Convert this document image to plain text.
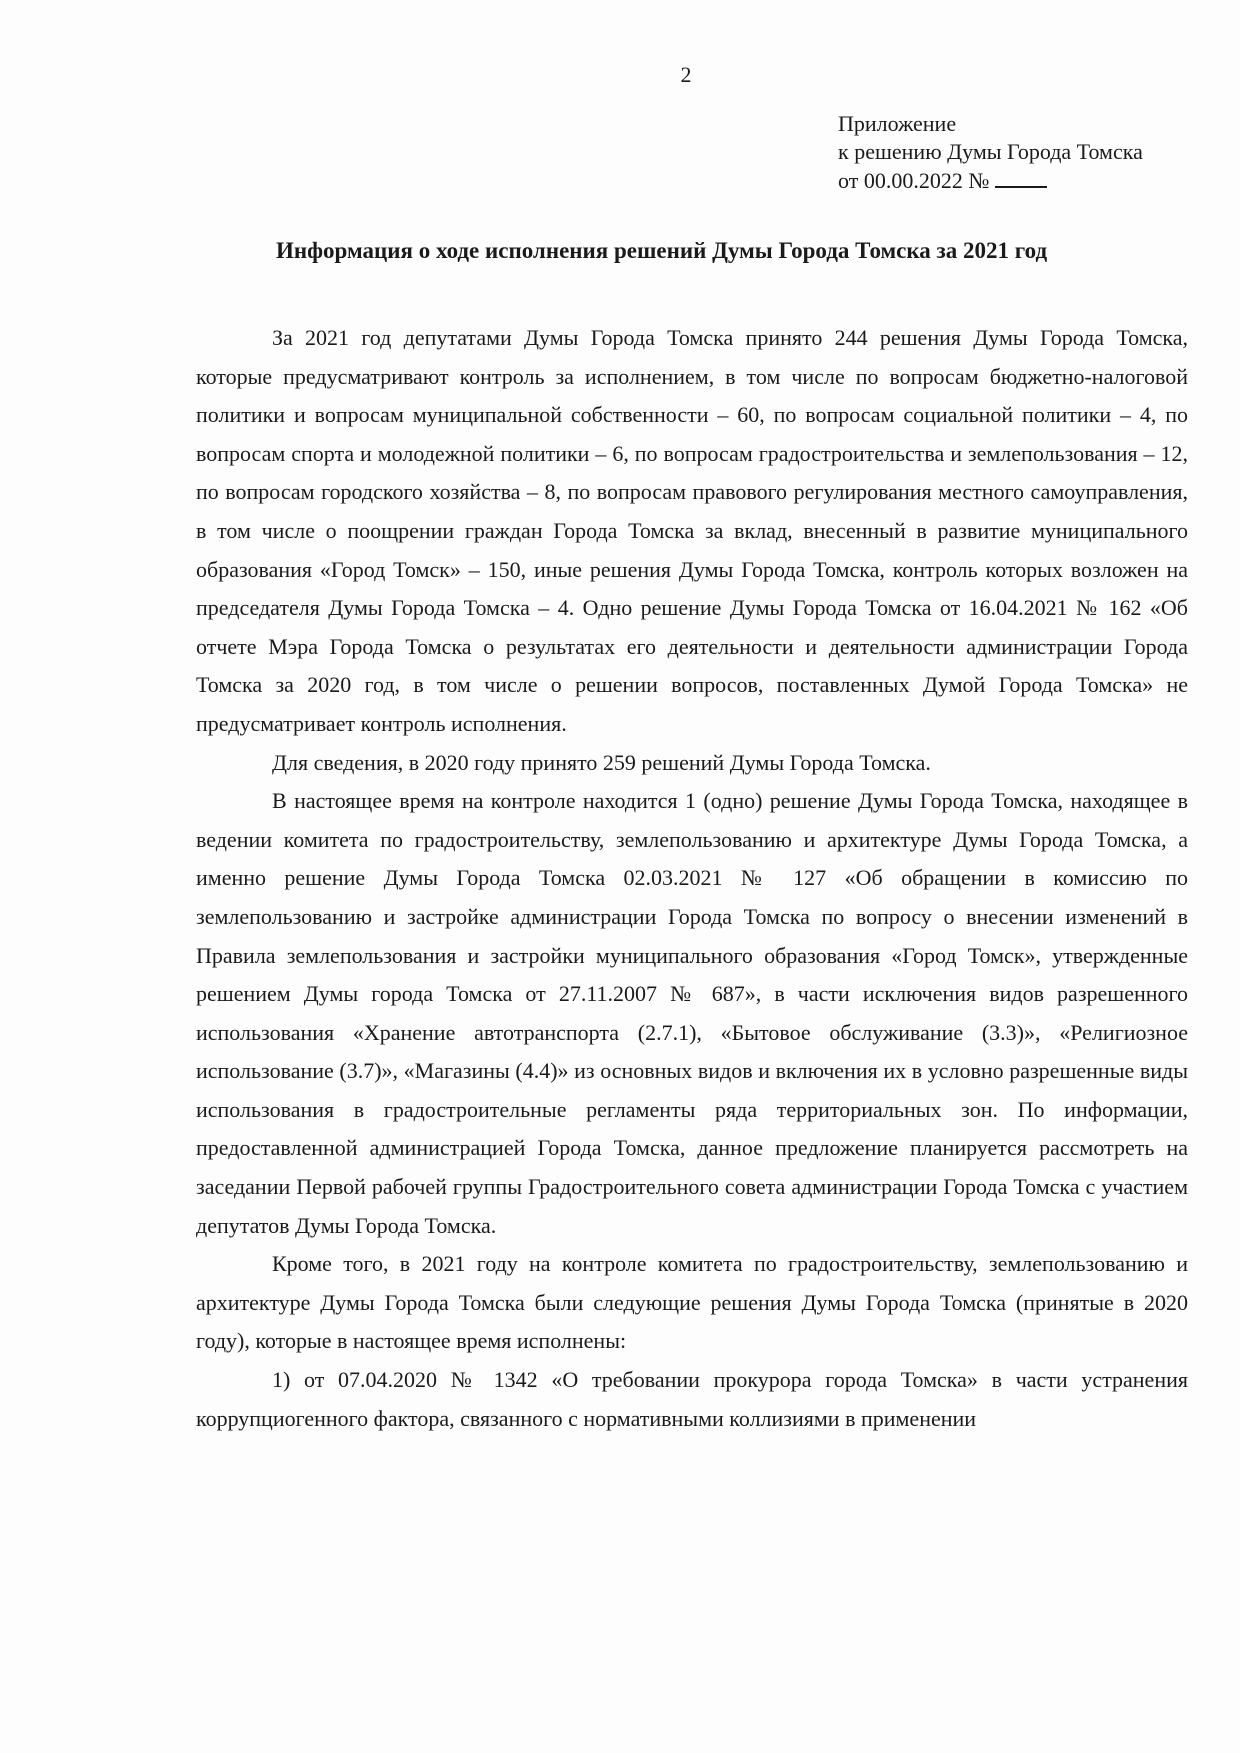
2
Приложение
к решению Думы Города Томска
от 00.00.2022 №
Информация о ходе исполнения решений Думы Города Томска за 2021 год

За 2021 год депутатами Думы Города Томска принято 244 решения Думы Города Томска, которые предусматривают контроль за исполнением, в том числе по вопросам бюджетно-налоговой политики и вопросам муниципальной собственности – 60, по вопросам социальной политики – 4, по вопросам спорта и молодежной политики – 6, по вопросам градостроительства и землепользования – 12, по вопросам городского хозяйства – 8, по вопросам правового регулирования местного самоуправления, в том числе о поощрении граждан Города Томска за вклад, внесенный в развитие муниципального образования «Город Томск» – 150, иные решения Думы Города Томска, контроль которых возложен на председателя Думы Города Томска – 4. Одно решение Думы Города Томска от 16.04.2021 № 162 «Об отчете Мэра Города Томска о результатах его деятельности и деятельности администрации Города Томска за 2020 год, в том числе о решении вопросов, поставленных Думой Города Томска» не предусматривает контроль исполнения.

Для сведения, в 2020 году принято 259 решений Думы Города Томска.

В настоящее время на контроле находится 1 (одно) решение Думы Города Томска, находящее в ведении комитета по градостроительству, землепользованию и архитектуре Думы Города Томска, а именно решение Думы Города Томска 02.03.2021 № 127 «Об обращении в комиссию по землепользованию и застройке администрации Города Томска по вопросу о внесении изменений в Правила землепользования и застройки муниципального образования «Город Томск», утвержденные решением Думы города Томска от 27.11.2007 № 687», в части исключения видов разрешенного использования «Хранение автотранспорта (2.7.1), «Бытовое обслуживание (3.3)», «Религиозное использование (3.7)», «Магазины (4.4)» из основных видов и включения их в условно разрешенные виды использования в градостроительные регламенты ряда территориальных зон. По информации, предоставленной администрацией Города Томска, данное предложение планируется рассмотреть на заседании Первой рабочей группы Градостроительного совета администрации Города Томска с участием депутатов Думы Города Томска.

Кроме того, в 2021 году на контроле комитета по градостроительству, землепользованию и архитектуре Думы Города Томска были следующие решения Думы Города Томска (принятые в 2020 году), которые в настоящее время исполнены:

1) от 07.04.2020 № 1342 «О требовании прокурора города Томска» в части устранения коррупциогенного фактора, связанного с нормативными коллизиями в применении
